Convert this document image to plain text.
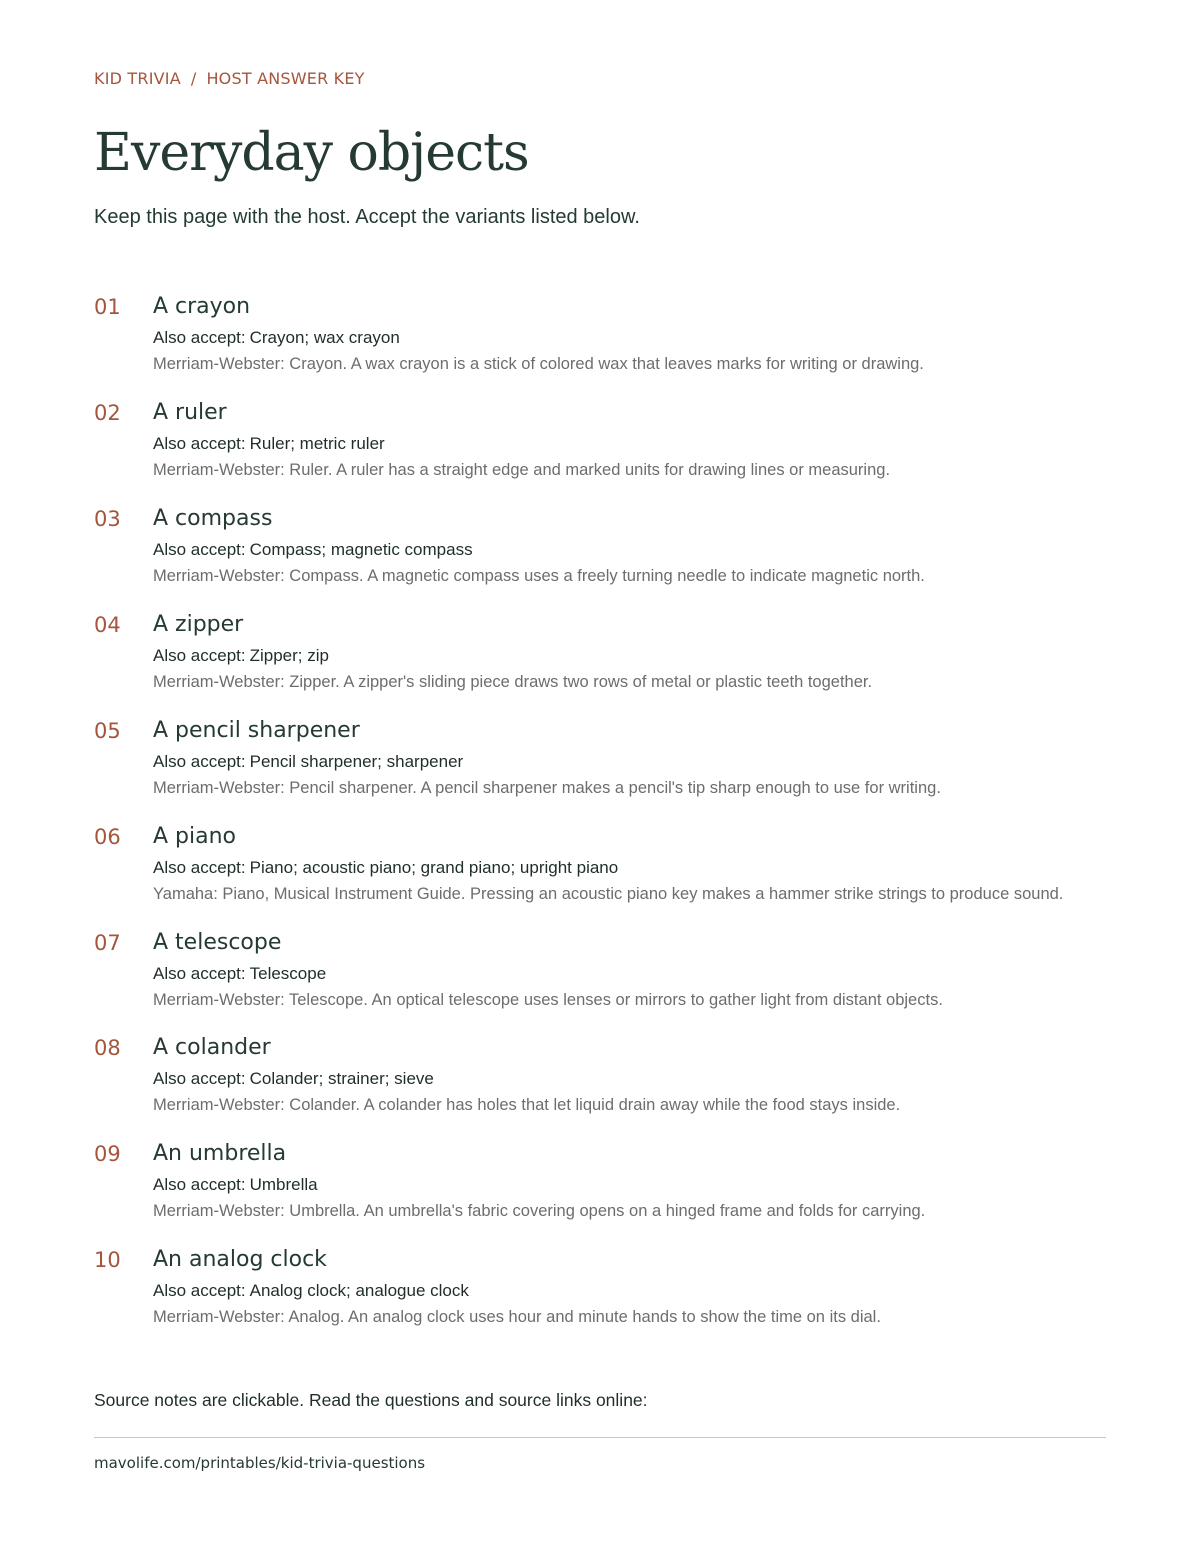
KID TRIVIA / HOST ANSWER KEY
Everyday objects
Keep this page with the host. Accept the variants listed below.
01 A crayon
Also accept: Crayon; wax crayon
Merriam-Webster: Crayon. A wax crayon is a stick of colored wax that leaves marks for writing or drawing.
02 A ruler
Also accept: Ruler; metric ruler
Merriam-Webster: Ruler. A ruler has a straight edge and marked units for drawing lines or measuring.
03 A compass
Also accept: Compass; magnetic compass
Merriam-Webster: Compass. A magnetic compass uses a freely turning needle to indicate magnetic north.
04 A zipper
Also accept: Zipper; zip
Merriam-Webster: Zipper. A zipper's sliding piece draws two rows of metal or plastic teeth together.
05 A pencil sharpener
Also accept: Pencil sharpener; sharpener
Merriam-Webster: Pencil sharpener. A pencil sharpener makes a pencil's tip sharp enough to use for writing.
06 A piano
Also accept: Piano; acoustic piano; grand piano; upright piano
Yamaha: Piano, Musical Instrument Guide. Pressing an acoustic piano key makes a hammer strike strings to produce sound.
07 A telescope
Also accept: Telescope
Merriam-Webster: Telescope. An optical telescope uses lenses or mirrors to gather light from distant objects.
08 A colander
Also accept: Colander; strainer; sieve
Merriam-Webster: Colander. A colander has holes that let liquid drain away while the food stays inside.
09 An umbrella
Also accept: Umbrella
Merriam-Webster: Umbrella. An umbrella's fabric covering opens on a hinged frame and folds for carrying.
10 An analog clock
Also accept: Analog clock; analogue clock
Merriam-Webster: Analog. An analog clock uses hour and minute hands to show the time on its dial.
Source notes are clickable. Read the questions and source links online:
mavolife.com/printables/kid-trivia-questions
